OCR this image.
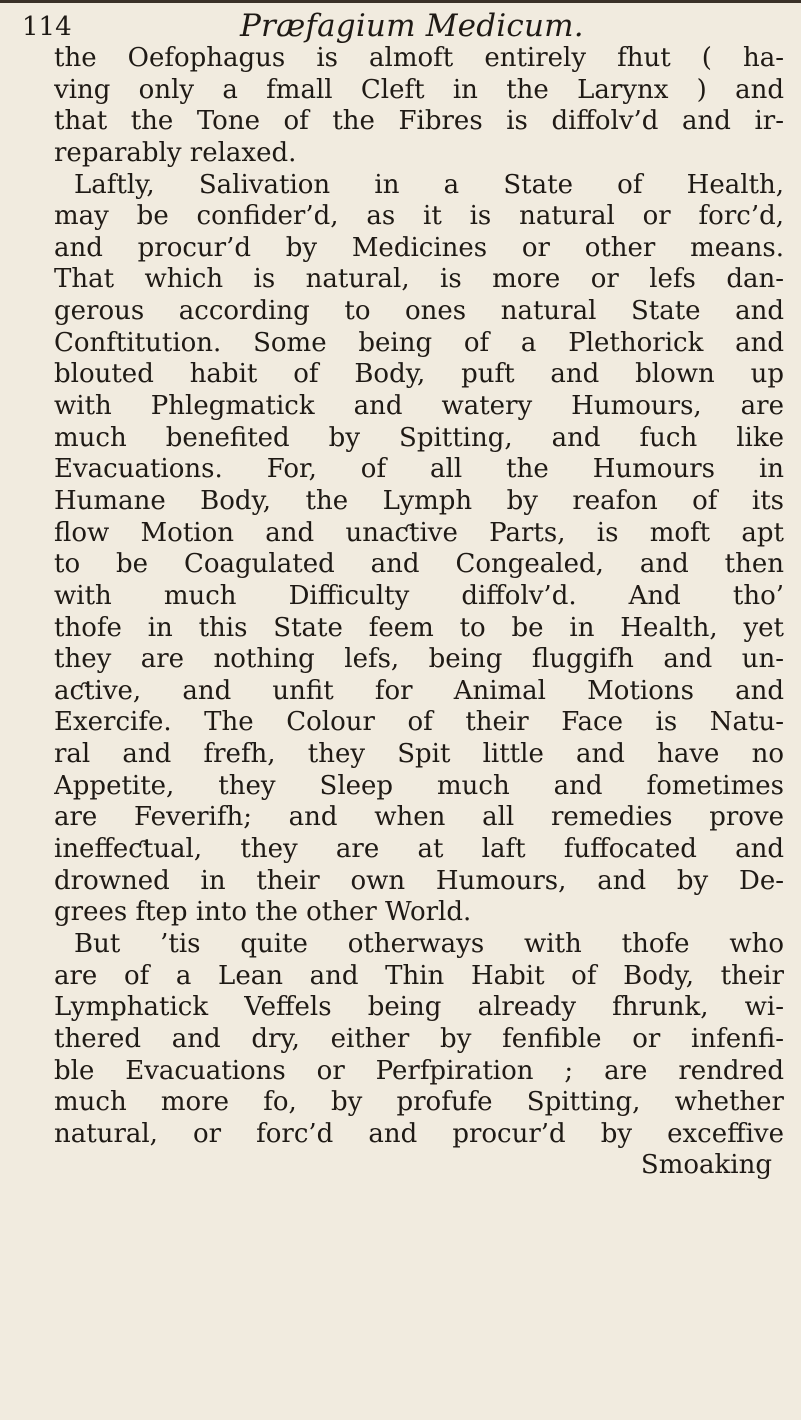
114	Præfagium Medicum.
the Oefophagus is almoft entirely fhut ( ha-
ving only a fmall Cleft in the Larynx ) and
that the Tone of the Fibres is diffolv’d and ir-
reparably relaxed.
Laftly, Salivation in a State of Health,
may be confider’d, as it is natural or forc’d,
and procur’d by Medicines or other means.
That which is natural, is more or lefs dan-
gerous according to ones natural State and
Conftitution. Some being of a Plethorick and
blouted habit of Body, puft and blown up
with Phlegmatick and watery Humours, are
much benefited by Spitting, and fuch like
Evacuations. For, of all the Humours in
Humane Body, the Lymph by reafon of its
flow Motion and unaƈtive Parts, is moft apt
to be Coagulated and Congealed, and then
with much Difficulty diffolv’d. And tho’
thofe in this State feem to be in Health, yet
they are nothing lefs, being fluggifh and un-
aƈtive, and unfit for Animal Motions and
Exercife. The Colour of their Face is Natu-
ral and frefh, they Spit little and have no
Appetite, they Sleep much and fometimes
are Feverifh; and when all remedies prove
ineffeƈtual, they are at laft fuffocated and
drowned in their own Humours, and by De-
grees ftep into the other World.
But ’tis quite otherways with thofe who
are of a Lean and Thin Habit of Body, their
Lymphatick Veffels being already fhrunk, wi-
thered and dry, either by fenfible or infenfi-
ble Evacuations or Perfpiration ; are rendred
much more fo, by profufe Spitting, whether
natural, or forc’d and procur’d by exceffive
Smoaking
